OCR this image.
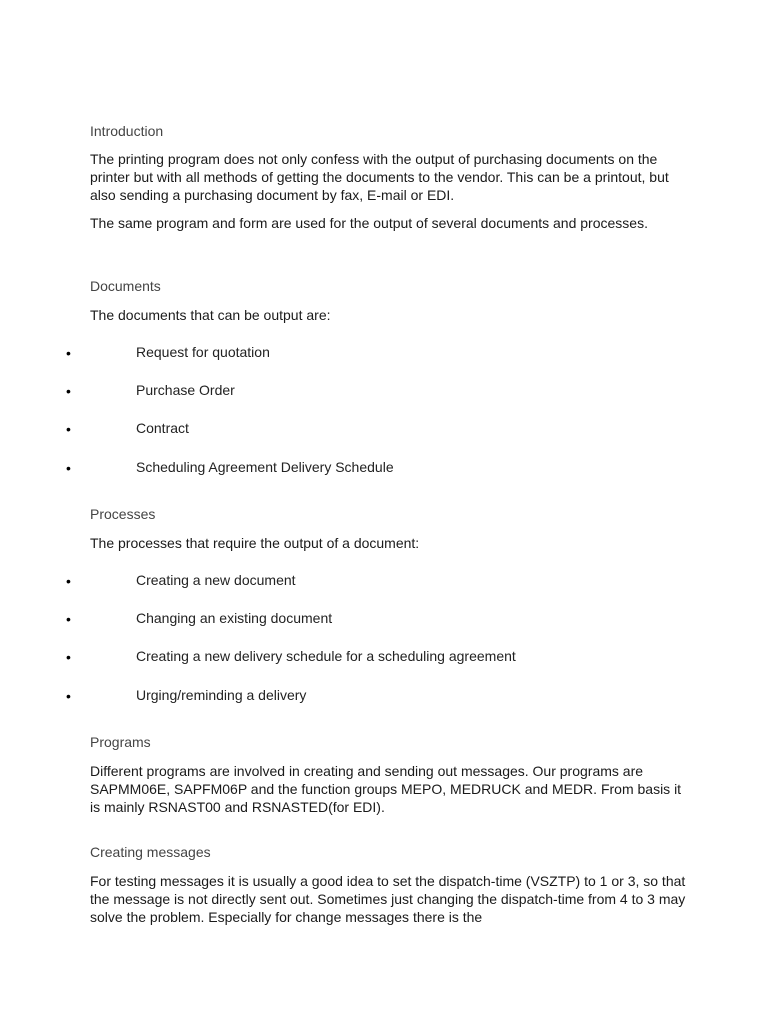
Introduction

The printing program does not only confess with the output of purchasing documents on the printer but with all methods of getting the documents to the vendor. This can be a printout, but also sending a purchasing document by fax, E-mail or EDI.

The same program and form are used for the output of several documents and processes.

Documents

The documents that can be output are:

•	Request for quotation
•	Purchase Order
•	Contract
•	Scheduling Agreement Delivery Schedule
Processes

The processes that require the output of a document:

•	Creating a new document
•	Changing an existing document
•	Creating a new delivery schedule for a scheduling agreement
•	Urging/reminding a delivery
Programs

Different programs are involved in creating and sending out messages. Our programs are SAPMM06E, SAPFM06P and the function groups MEPO, MEDRUCK and MEDR. From basis it is mainly RSNAST00 and RSNASTED(for EDI).

Creating messages

For testing messages it is usually a good idea to set the dispatch-time (VSZTP) to 1 or 3, so that the message is not directly sent out. Sometimes just changing the dispatch-time from 4 to 3 may solve the problem. Especially for change messages there is the
